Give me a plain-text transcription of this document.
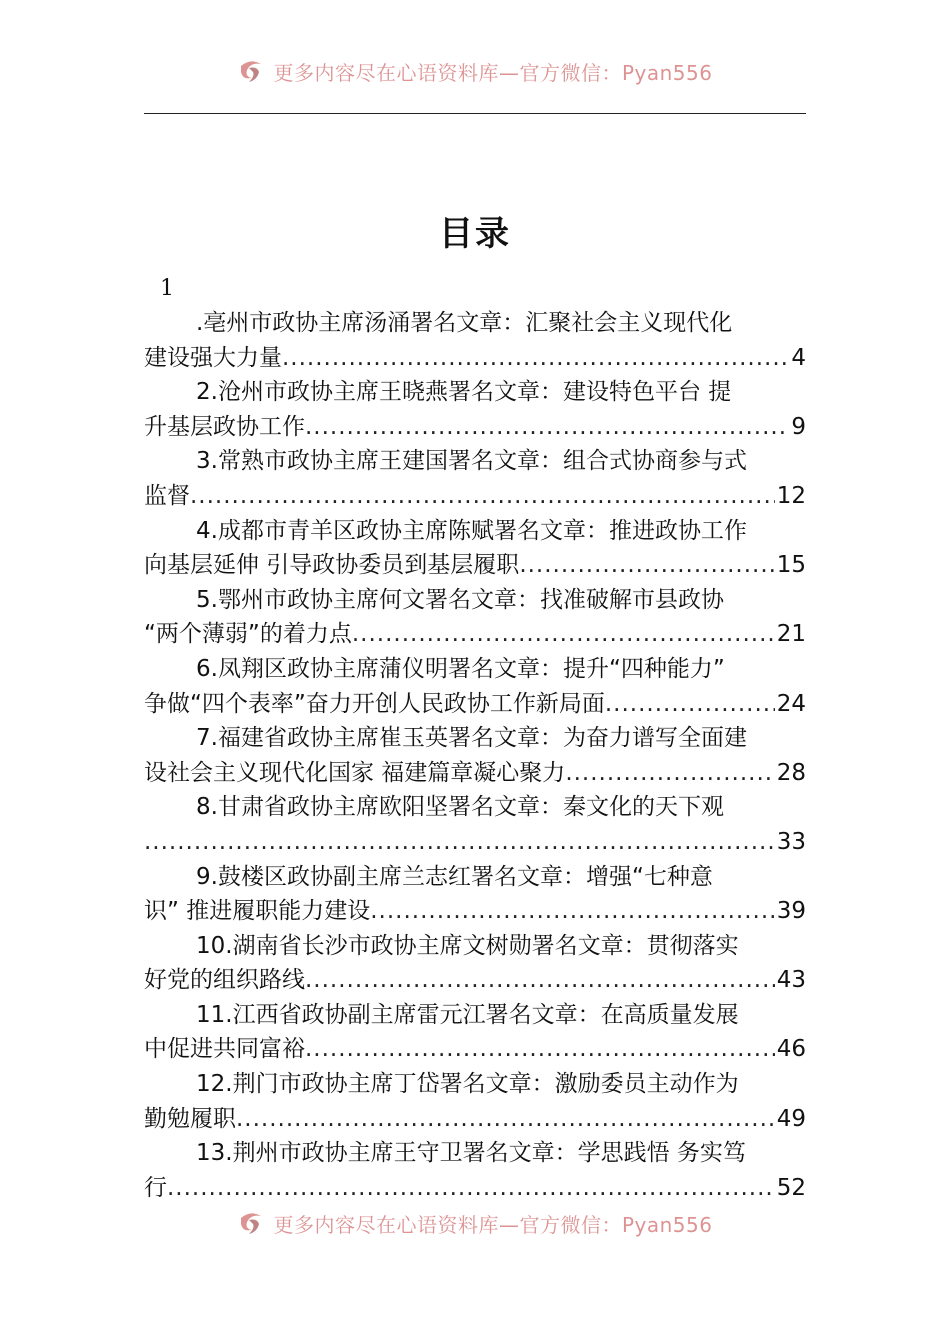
更多内容尽在心语资料库—官方微信：Pyan556
目录
1
.亳州市政协主席汤涌署名文章：汇聚社会主义现代化
建设强大力量 .....	4
2.沧州市政协主席王晓燕署名文章：建设特色平台 提
升基层政协工作 .....	9
3.常熟市政协主席王建国署名文章：组合式协商参与式
监督 .....	12
4.成都市青羊区政协主席陈赋署名文章：推进政协工作
向基层延伸 引导政协委员到基层履职 .....	15
5.鄂州市政协主席何文署名文章：找准破解市县政协
“两个薄弱”的着力点 .....	21
6.凤翔区政协主席蒲仪明署名文章：提升“四种能力”
争做“四个表率”奋力开创人民政协工作新局面 .....	24
7.福建省政协主席崔玉英署名文章：为奋力谱写全面建
设社会主义现代化国家 福建篇章凝心聚力 .....	28
8.甘肃省政协主席欧阳坚署名文章：秦文化的天下观
.....
33
9.鼓楼区政协副主席兰志红署名文章：增强“七种意
识” 推进履职能力建设 .....	39
10.湖南省长沙市政协主席文树勋署名文章：贯彻落实
好党的组织路线 .....	43
11.江西省政协副主席雷元江署名文章：在高质量发展
中促进共同富裕 .....	46
12.荆门市政协主席丁岱署名文章：激励委员主动作为
勤勉履职 .....	49
13.荆州市政协主席王守卫署名文章：学思践悟 务实笃
行 .....	52
更多内容尽在心语资料库—官方微信：Pyan556
